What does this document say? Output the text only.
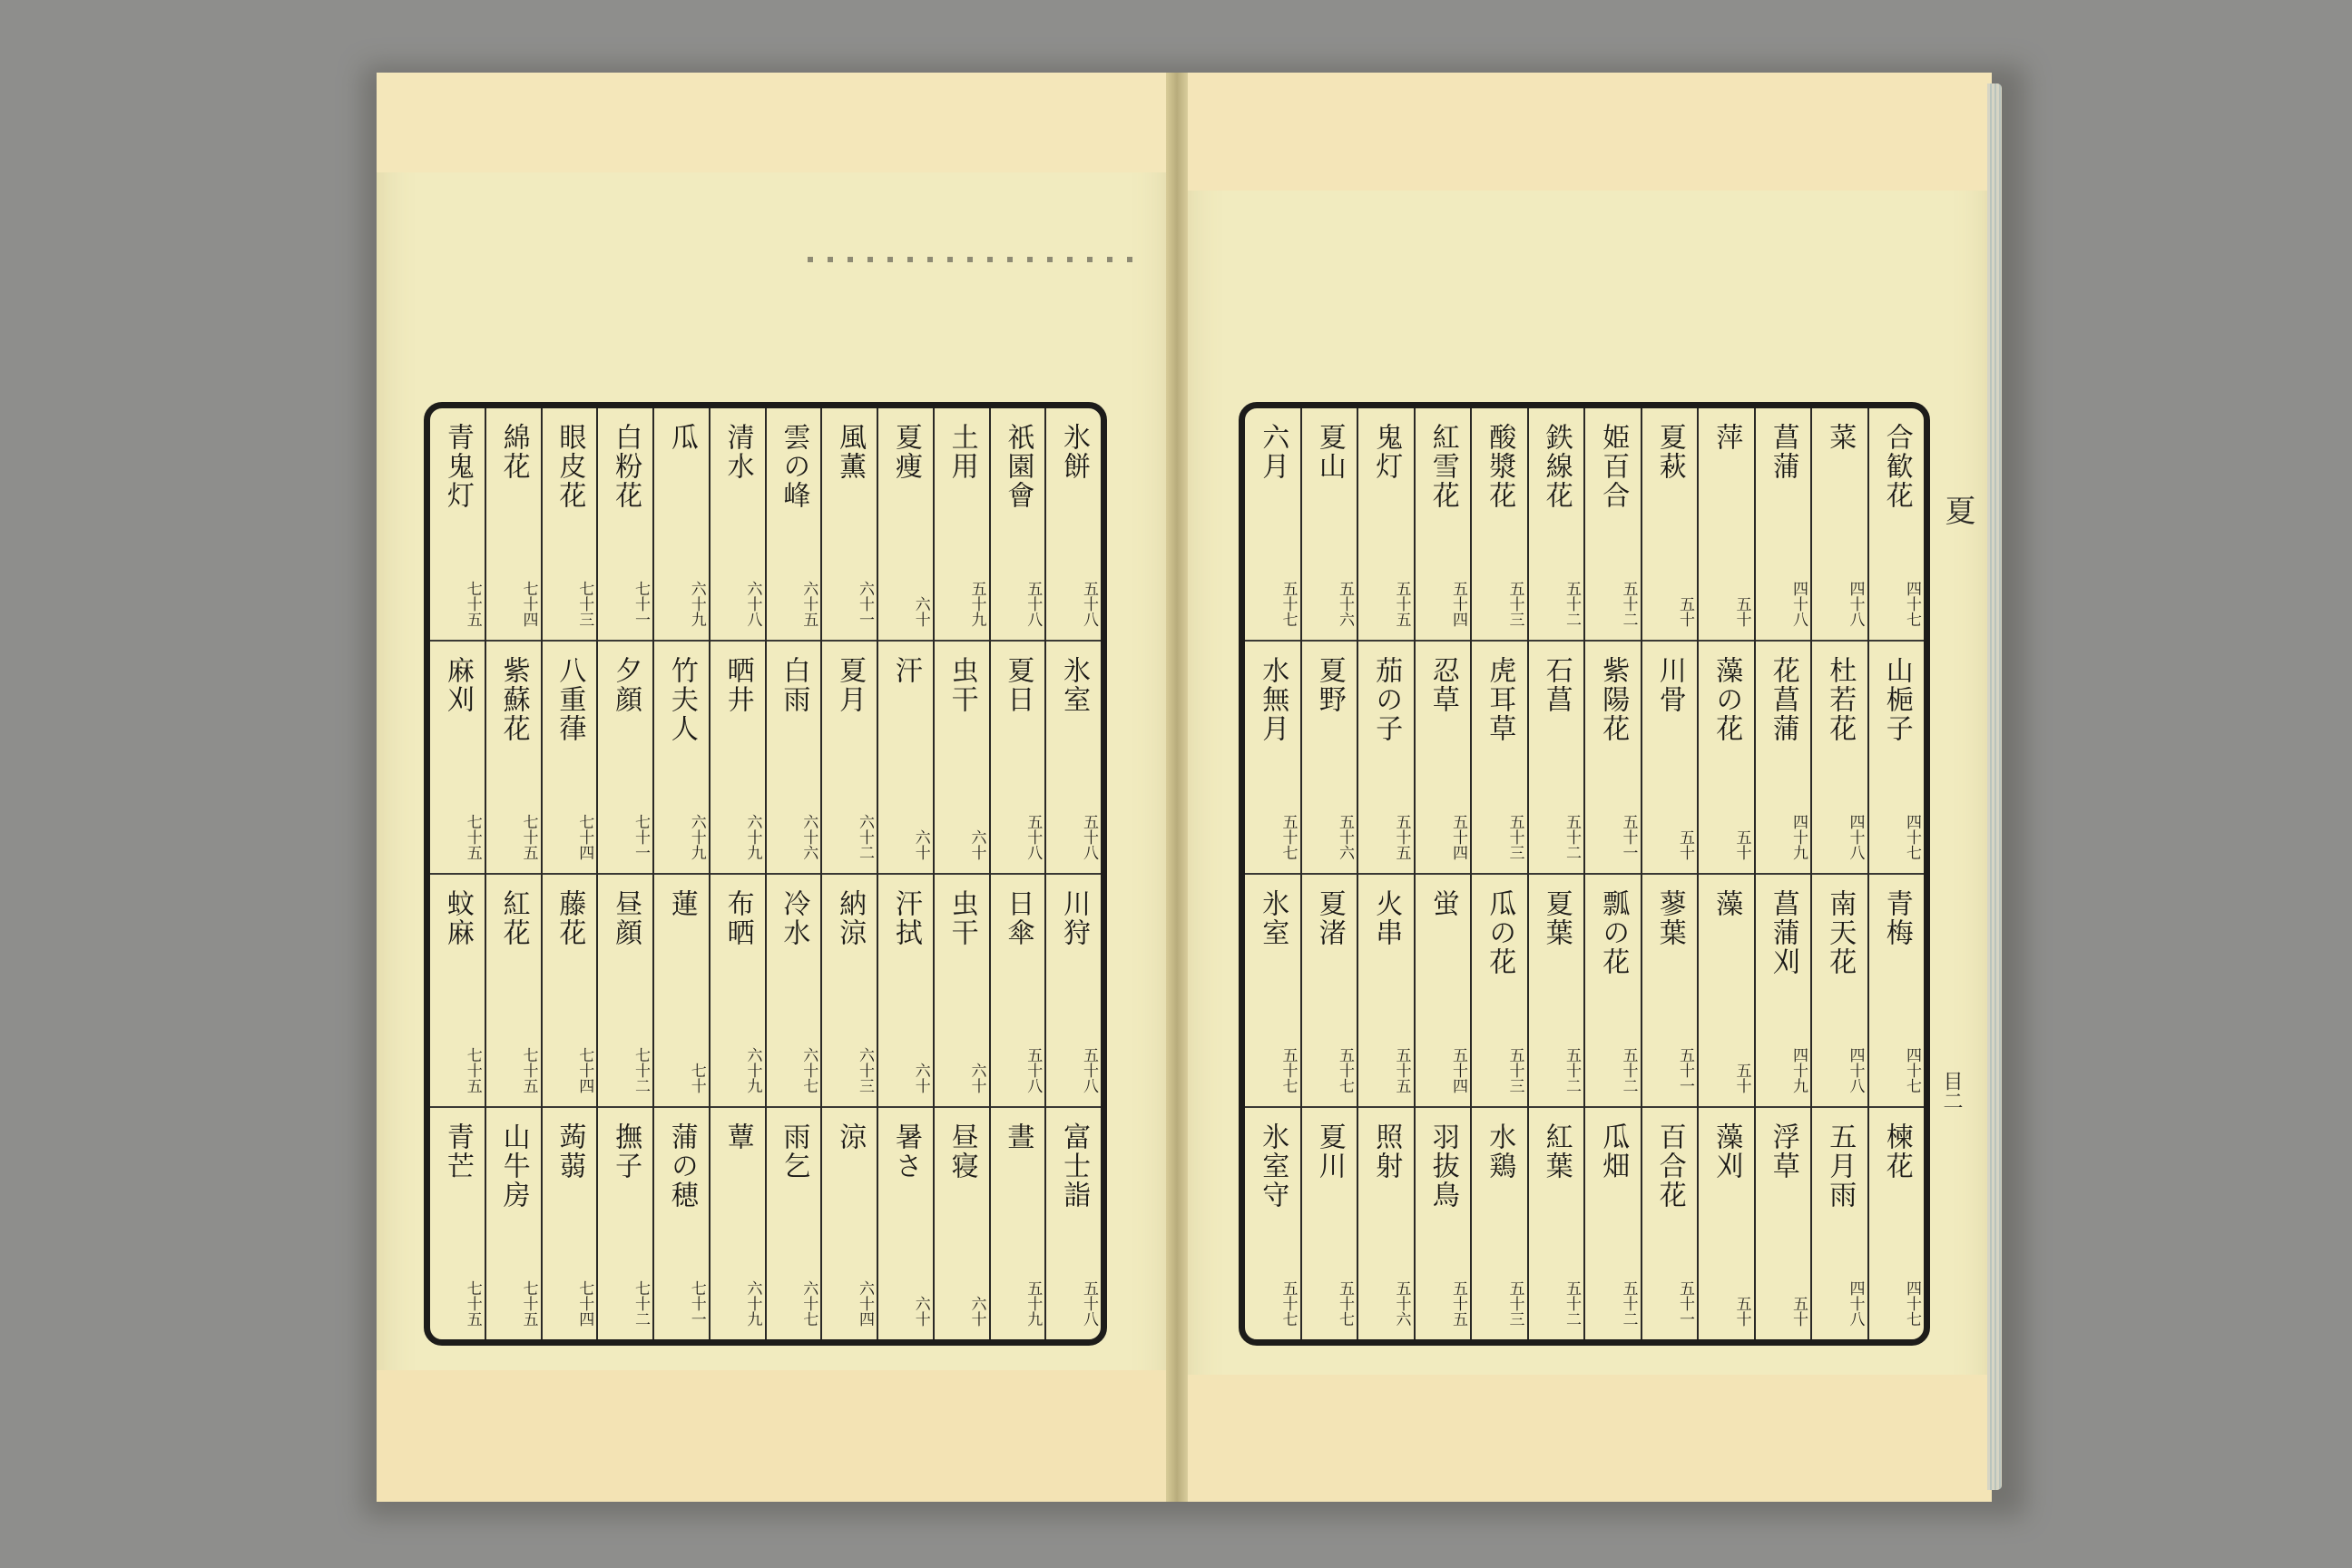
氷餅
五十八
氷室
五十八
川狩
五十八
富士詣
五十八
祇園會
五十八
夏日
五十八
日傘
五十八
晝
五十九
土用
五十九
虫干
六十
虫干
六十
昼寝
六十
夏痩
六十
汗
六十
汗拭
六十
暑さ
六十
風薫
六十一
夏月
六十二
納涼
六十三
涼
六十四
雲の峰
六十五
白雨
六十六
冷水
六十七
雨乞
六十七
清水
六十八
晒井
六十九
布晒
六十九
蕈
六十九
瓜
六十九
竹夫人
六十九
蓮
七十
蒲の穂
七十一
白粉花
七十一
夕顔
七十一
昼顔
七十二
撫子
七十二
眼皮花
七十三
八重葎
七十四
藤花
七十四
蒟蒻
七十四
綿花
七十四
紫蘇花
七十五
紅花
七十五
山牛房
七十五
青鬼灯
七十五
麻刈
七十五
蚊麻
七十五
青芒
七十五
合歓花
四十七
山梔子
四十七
青梅
四十七
楝花
四十七
菜
四十八
杜若花
四十八
南天花
四十八
五月雨
四十八
菖蒲
四十八
花菖蒲
四十九
菖蒲刈
四十九
浮草
五十
萍
五十
藻の花
五十
藻
五十
藻刈
五十
夏萩
五十
川骨
五十
蓼葉
五十一
百合花
五十一
姫百合
五十二
紫陽花
五十一
瓢の花
五十二
瓜畑
五十二
鉄線花
五十二
石菖
五十二
夏葉
五十二
紅葉
五十二
酸漿花
五十三
虎耳草
五十三
瓜の花
五十三
水鶏
五十三
紅雪花
五十四
忍草
五十四
蛍
五十四
羽抜鳥
五十五
鬼灯
五十五
茄の子
五十五
火串
五十五
照射
五十六
夏山
五十六
夏野
五十六
夏渚
五十七
夏川
五十七
六月
五十七
水無月
五十七
氷室
五十七
氷室守
五十七
夏
目二
